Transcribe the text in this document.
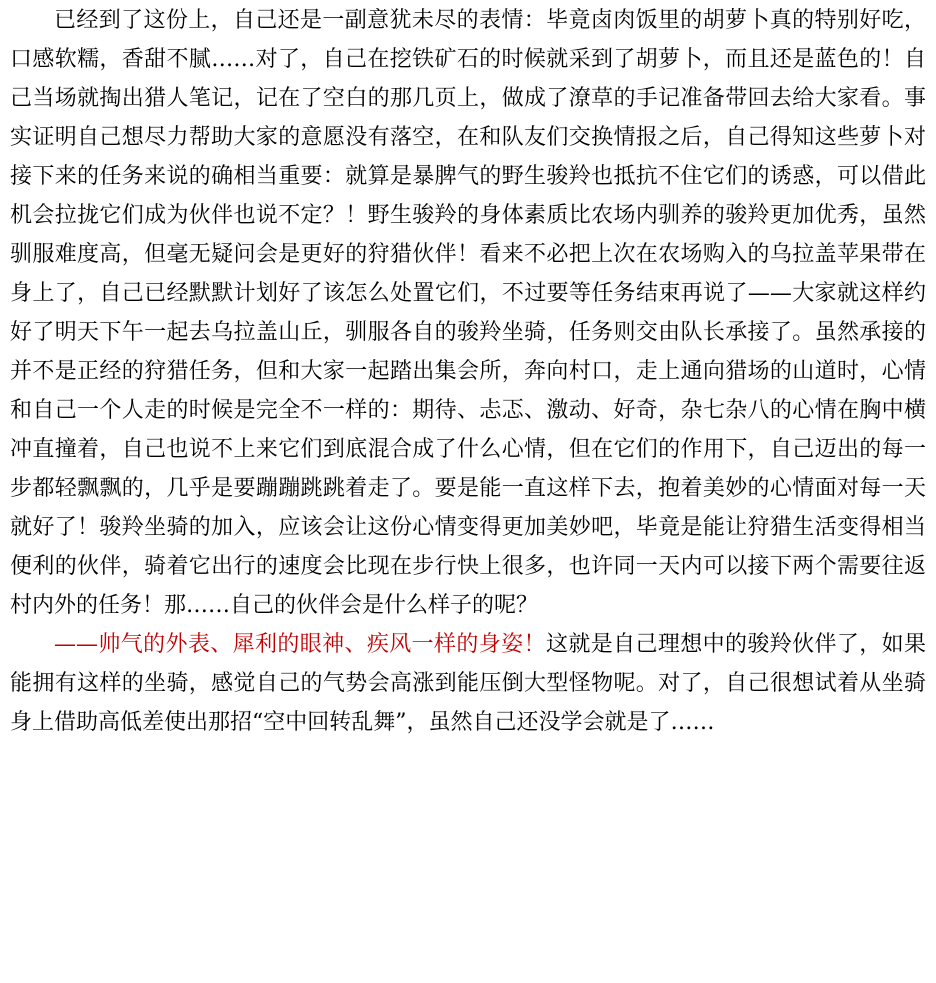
已经到了这份上，自己还是一副意犹未尽的表情：毕竟卤肉饭里的胡萝卜真的特别好吃，口感软糯，香甜不腻……对了，自己在挖铁矿石的时候就采到了胡萝卜，而且还是蓝色的！自己当场就掏出猎人笔记，记在了空白的那几页上，做成了潦草的手记准备带回去给大家看。事实证明自己想尽力帮助大家的意愿没有落空，在和队友们交换情报之后，自己得知这些萝卜对接下来的任务来说的确相当重要：就算是暴脾气的野生骏羚也抵抗不住它们的诱惑，可以借此机会拉拢它们成为伙伴也说不定？！野生骏羚的身体素质比农场内驯养的骏羚更加优秀，虽然驯服难度高，但毫无疑问会是更好的狩猎伙伴！看来不必把上次在农场购入的乌拉盖苹果带在身上了，自己已经默默计划好了该怎么处置它们，不过要等任务结束再说了——大家就这样约好了明天下午一起去乌拉盖山丘，驯服各自的骏羚坐骑，任务则交由队长承接了。虽然承接的并不是正经的狩猎任务，但和大家一起踏出集会所，奔向村口，走上通向猎场的山道时，心情和自己一个人走的时候是完全不一样的：期待、忐忑、激动、好奇，杂七杂八的心情在胸中横冲直撞着，自己也说不上来它们到底混合成了什么心情，但在它们的作用下，自己迈出的每一步都轻飘飘的，几乎是要蹦蹦跳跳着走了。要是能一直这样下去，抱着美妙的心情面对每一天就好了！骏羚坐骑的加入，应该会让这份心情变得更加美妙吧，毕竟是能让狩猎生活变得相当便利的伙伴，骑着它出行的速度会比现在步行快上很多，也许同一天内可以接下两个需要往返村内外的任务！那……自己的伙伴会是什么样子的呢？

——帅气的外表、犀利的眼神、疾风一样的身姿！这就是自己理想中的骏羚伙伴了，如果能拥有这样的坐骑，感觉自己的气势会高涨到能压倒大型怪物呢。对了，自己很想试着从坐骑身上借助高低差使出那招“空中回转乱舞”，虽然自己还没学会就是了……
